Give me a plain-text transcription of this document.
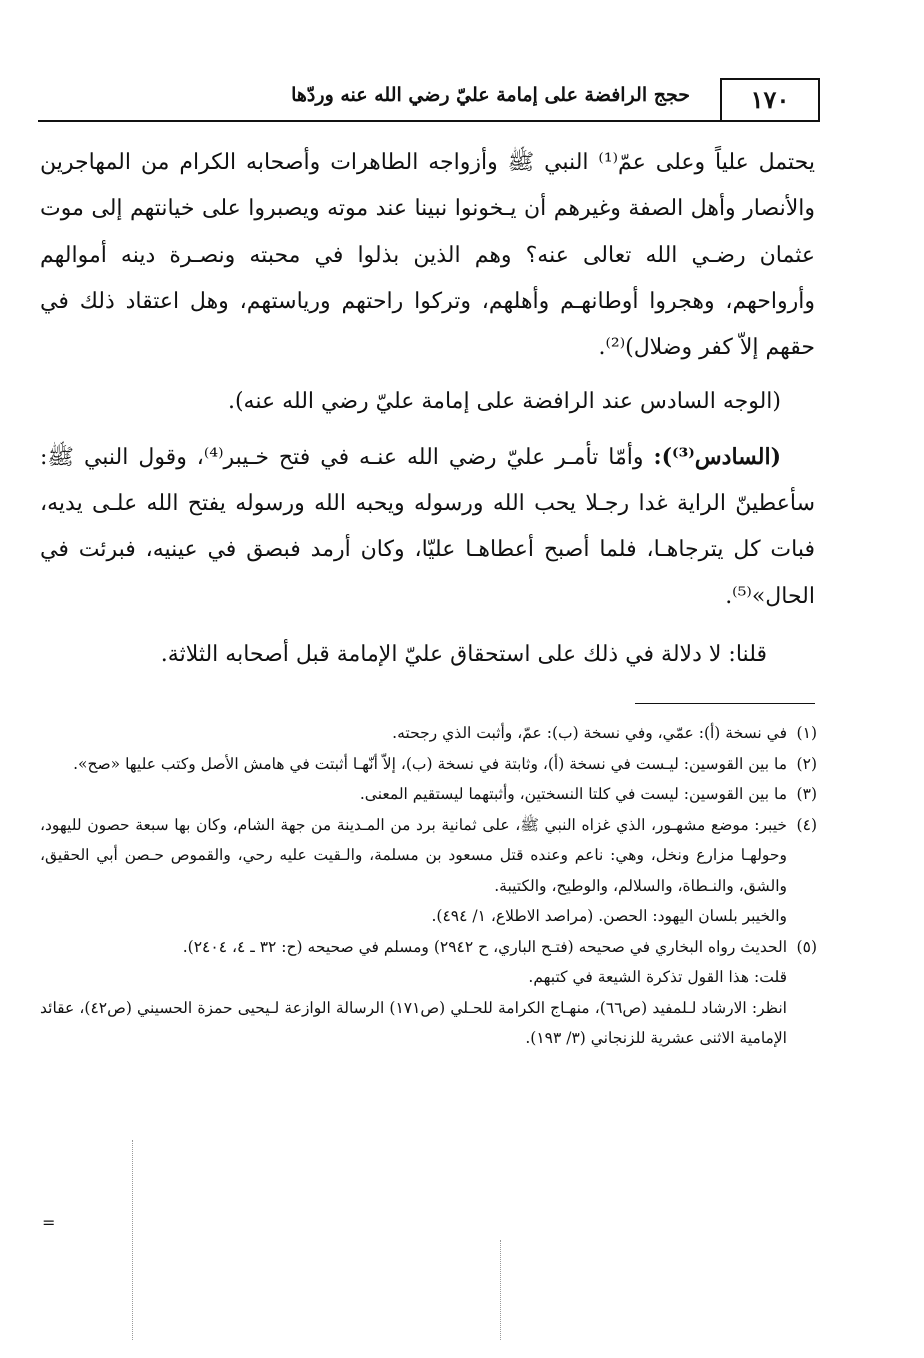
١٧٠
حجج الرافضة على إمامة عليّ رضي الله عنه وردّها

يحتمل علياً وعلى عمّ⁽¹⁾ النبي ﷺ وأزواجه الطاهرات وأصحابه الكرام من المهاجرين والأنصار وأهل الصفة وغيرهم أن يـخونوا نبينا عند موته ويصبروا على خيانتهم إلى موت عثمان رضـي الله تعالى عنه؟ وهم الذين بذلوا في محبته ونصـرة دينه أموالهم وأرواحهم، وهجروا أوطانهـم وأهلهم، وتركوا راحتهم ورياستهم، وهل اعتقاد ذلك في حقهم إلاّ كفر وضلال)⁽²⁾.

(الوجه السادس عند الرافضة على إمامة عليّ رضي الله عنه).

(السادس⁽³⁾): وأمّا تأمـر عليّ رضي الله عنـه في فتح خـيبر⁽⁴⁾، وقول النبي ﷺ: سأعطينّ الراية غدا رجـلا يحب الله ورسوله ويحبه الله ورسوله يفتح الله علـى يديه، فبات كل يترجاهـا، فلما أصبح أعطاهـا عليّا، وكان أرمد فبصق في عينيه، فبرئت في الحال»⁽⁵⁾.

قلنا: لا دلالة في ذلك على استحقاق عليّ الإمامة قبل أصحابه الثلاثة.

(١)
في نسخة (أ): عمّي، وفي نسخة (ب): عمّ، وأثبت الذي رجحته.
(٢)
ما بين القوسين: ليـست في نسخة (أ)، وثابتة في نسخة (ب)، إلاّ أنّهـا أثبتت في هامش الأصل وكتب عليها «صح».
(٣)
ما بين القوسين: ليست في كلتا النسختين، وأثبتهما ليستقيم المعنى.
(٤)
خيبر: موضع مشهـور، الذي غزاه النبي ﷺ، على ثمانية برد من المـدينة من جهة الشام، وكان بها سبعة حصون لليهود، وحولهـا مزارع ونخل، وهي: ناعم وعنده قتل مسعود بن مسلمة، والـقيت عليه رحي، والقموص حـصن أبي الحقيق، والشق، والنـطاة، والسلالم، والوطيح، والكتيبة.
والخيبر بلسان اليهود: الحصن. (مراصد الاطلاع، ١/ ٤٩٤).
(٥)
الحديث رواه البخاري في صحيحه (فتـح الباري، ح ٢٩٤٢) ومسلم في صحيحه (ح: ٣٢ ـ ٤، ٢٤٠٤).
قلت: هذا القول تذكرة الشيعة في كتبهم.
انظر: الارشاد لـلمفيد (ص٦٦)، منهـاج الكرامة للحـلي (ص١٧١) الرسالة الوازعة لـيحيى حمزة الحسيني (ص٤٢)، عقائد الإمامية الاثنى عشرية للزنجاني (٣/ ١٩٣).
=
